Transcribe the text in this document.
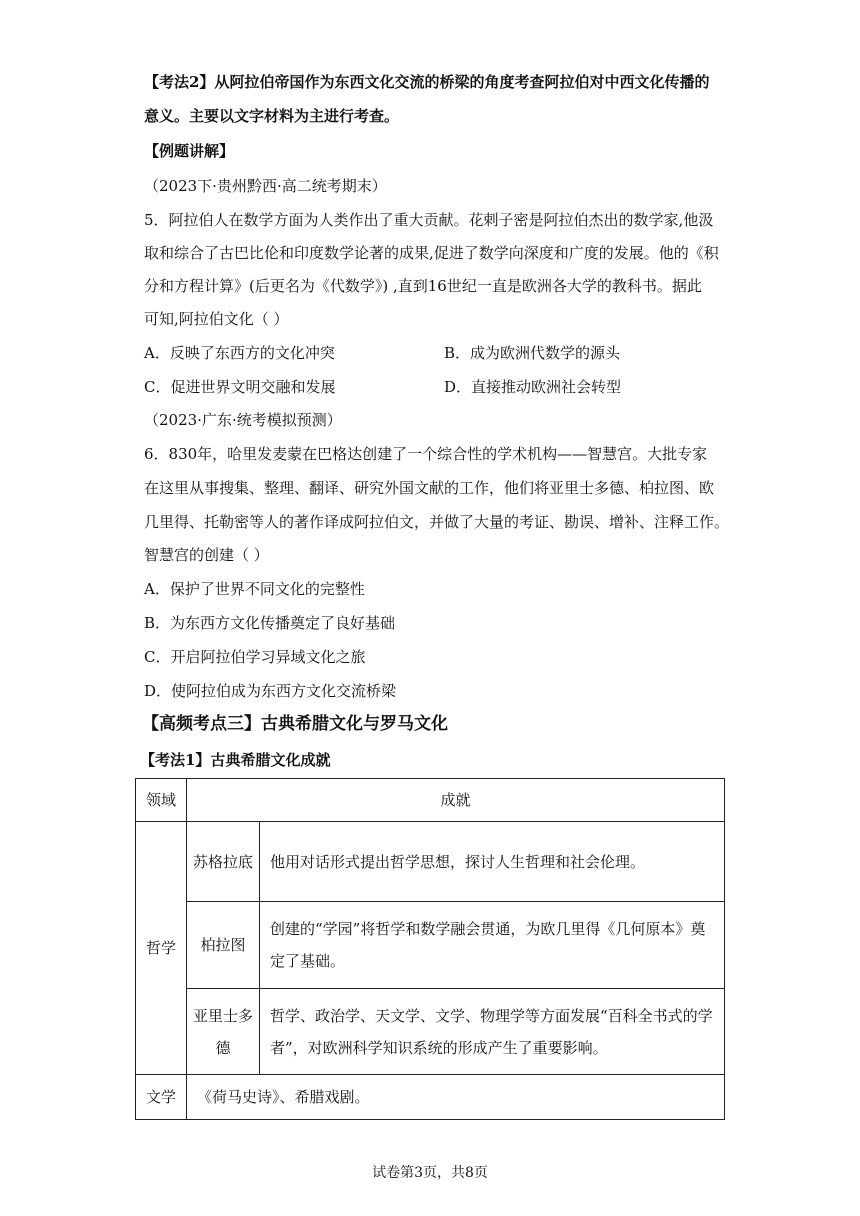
【考法2】从阿拉伯帝国作为东西文化交流的桥梁的角度考查阿拉伯对中西文化传播的
意义。主要以文字材料为主进行考查。
【例题讲解】
（2023下·贵州黔西·高二统考期末）
5．阿拉伯人在数学方面为人类作出了重大贡献。花剌子密是阿拉伯杰出的数学家,他汲
取和综合了古巴比伦和印度数学论著的成果,促进了数学向深度和广度的发展。他的《积
分和方程计算》(后更名为《代数学》) ,直到16世纪一直是欧洲各大学的教科书。据此
可知,阿拉伯文化（ ）
A．反映了东西方的文化冲突	B．成为欧洲代数学的源头
C．促进世界文明交融和发展	D．直接推动欧洲社会转型
（2023·广东·统考模拟预测）
6．830年，哈里发麦蒙在巴格达创建了一个综合性的学术机构——智慧宫。大批专家
在这里从事搜集、整理、翻译、研究外国文献的工作，他们将亚里士多德、柏拉图、欧
几里得、托勒密等人的著作译成阿拉伯文，并做了大量的考证、勘误、增补、注释工作。
智慧宫的创建（ ）
A．保护了世界不同文化的完整性
B．为东西方文化传播奠定了良好基础
C．开启阿拉伯学习异域文化之旅
D．使阿拉伯成为东西方文化交流桥梁
【高频考点三】古典希腊文化与罗马文化
【考法1】古典希腊文化成就
领域	成就	
哲学	苏格拉底	他用对话形式提出哲学思想，探讨人生哲理和社会伦理。
	柏拉图	创建的“学园”将哲学和数学融会贯通，为欧几里得《几何原本》奠定了基础。
	亚里士多德	哲学、政治学、天文学、文学、物理学等方面发展“百科全书式的学者”，对欧洲科学知识系统的形成产生了重要影响。
文学	《荷马史诗》、希腊戏剧。	
试卷第3页，共8页
